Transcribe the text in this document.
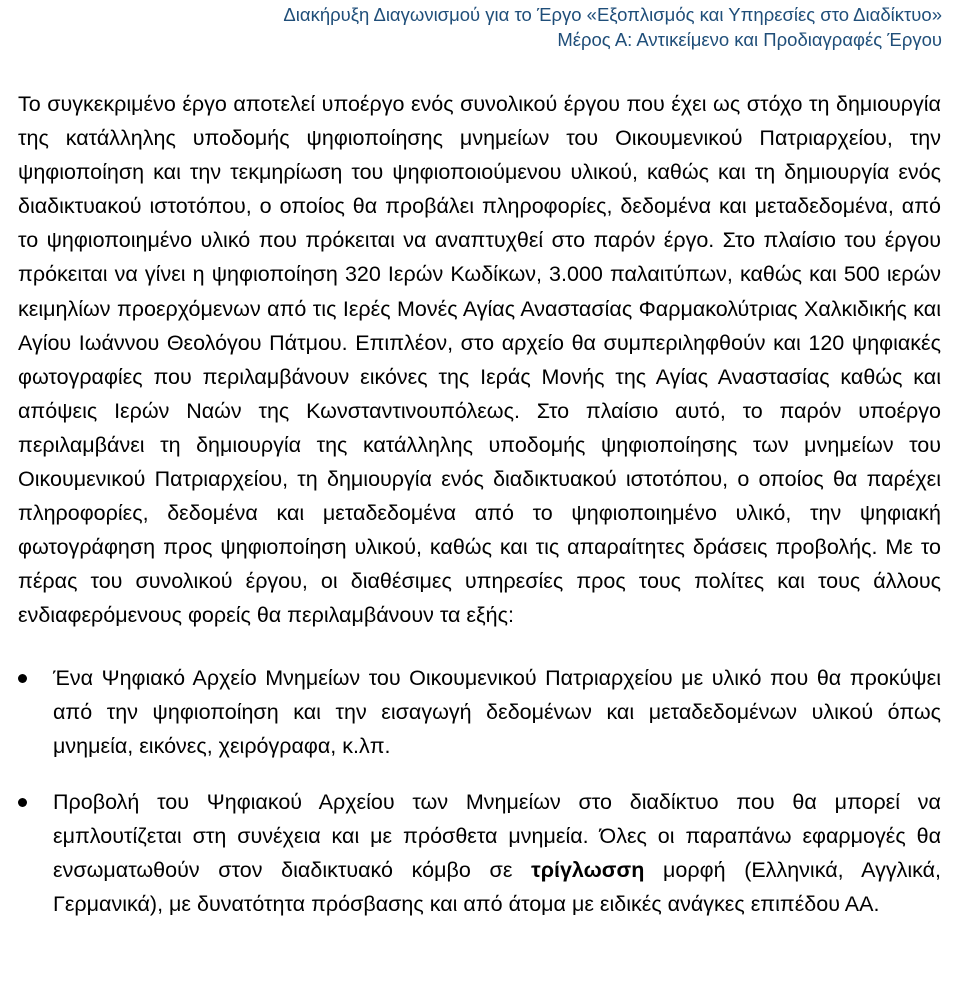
Διακήρυξη Διαγωνισμού για το Έργο «Εξοπλισμός και Υπηρεσίες στο Διαδίκτυο»
Μέρος Α: Αντικείμενο και Προδιαγραφές Έργου

Το συγκεκριμένο έργο αποτελεί υποέργο ενός συνολικού έργου που έχει ως στόχο τη δημιουργία της κατάλληλης υποδομής ψηφιοποίησης μνημείων του Οικουμενικού Πατριαρχείου, την ψηφιοποίηση και την τεκμηρίωση του ψηφιοποιούμενου υλικού, καθώς και τη δημιουργία ενός διαδικτυακού ιστοτόπου, ο οποίος θα προβάλει πληροφορίες, δεδομένα και μεταδεδομένα, από το ψηφιοποιημένο υλικό που πρόκειται να αναπτυχθεί στο παρόν έργο. Στο πλαίσιο του έργου πρόκειται να γίνει η ψηφιοποίηση 320 Ιερών Κωδίκων, 3.000 παλαιτύπων, καθώς και 500 ιερών κειμηλίων προερχόμενων από τις Ιερές Μονές Αγίας Αναστασίας Φαρμακολύτριας Χαλκιδικής και Αγίου Ιωάννου Θεολόγου Πάτμου. Επιπλέον, στο αρχείο θα συμπεριληφθούν και 120 ψηφιακές φωτογραφίες που περιλαμβάνουν εικόνες της Ιεράς Μονής της Αγίας Αναστασίας καθώς και απόψεις Ιερών Ναών της Κωνσταντινουπόλεως. Στο πλαίσιο αυτό, το παρόν υποέργο περιλαμβάνει τη δημιουργία της κατάλληλης υποδομής ψηφιοποίησης των μνημείων του Οικουμενικού Πατριαρχείου, τη δημιουργία ενός διαδικτυακού ιστοτόπου, ο οποίος θα παρέχει πληροφορίες, δεδομένα και μεταδεδομένα από το ψηφιοποιημένο υλικό, την ψηφιακή φωτογράφηση προς ψηφιοποίηση υλικού, καθώς και τις απαραίτητες δράσεις προβολής. Με το πέρας του συνολικού έργου, οι διαθέσιμες υπηρεσίες προς τους πολίτες και τους άλλους ενδιαφερόμενους φορείς θα περιλαμβάνουν τα εξής:

Ένα Ψηφιακό Αρχείο Μνημείων του Οικουμενικού Πατριαρχείου με υλικό που θα προκύψει από την ψηφιοποίηση και την εισαγωγή δεδομένων και μεταδεδομένων υλικού όπως μνημεία, εικόνες, χειρόγραφα, κ.λπ.
Προβολή του Ψηφιακού Αρχείου των Μνημείων στο διαδίκτυο που θα μπορεί να εμπλουτίζεται στη συνέχεια και με πρόσθετα μνημεία. Όλες οι παραπάνω εφαρμογές θα ενσωματωθούν στον διαδικτυακό κόμβο σε τρίγλωσση μορφή (Ελληνικά, Αγγλικά, Γερμανικά), με δυνατότητα πρόσβασης και από άτομα με ειδικές ανάγκες επιπέδου ΑΑ.
